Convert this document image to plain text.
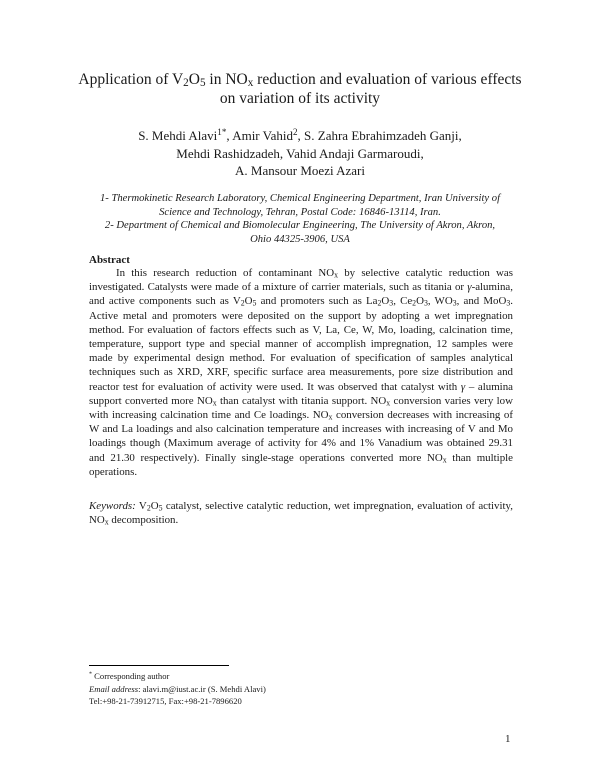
Application of $V_2O_5$ in $NO_x$ reduction and evaluation of various effects on variation of its activity
S. Mehdi Alavi$^{1*}$, Amir Vahid$^2$, S. Zahra Ebrahimzadeh Ganji,
Mehdi Rashidzadeh, Vahid Andaji Garmaroudi,
A. Mansour Moezi Azari
1- Thermokinetic Research Laboratory, Chemical Engineering Department, Iran University of Science and Technology, Tehran, Postal Code: 16846-13114, Iran.
2- Department of Chemical and Biomolecular Engineering, The University of Akron, Akron, Ohio 44325-3906, USA
Abstract

In this research reduction of contaminant $NO_x$ by selective catalytic reduction was investigated. Catalysts were made of a mixture of carrier materials, such as titania or γ-alumina, and active components such as $V_2O_5$ and promoters such as $La_2O_3$, $Ce_2O_3$, $WO_3$, and MoO$_3$. Active metal and promoters were deposited on the support by adopting a wet impregnation method. For evaluation of factors effects such as V, La, Ce, W, Mo, loading, calcination time, temperature, support type and special manner of accomplish impregnation, 12 samples were made by experimental design method. For evaluation of specification of samples analytical techniques such as XRD, XRF, specific surface area measurements, pore size distribution and reactor test for evaluation of activity were used. It was observed that catalyst with γ – alumina support converted more $NO_x$ than catalyst with titania support. $NO_x$ conversion varies very low with increasing calcination time and Ce loadings. $NO_x$ conversion decreases with increasing of W and La loadings and also calcination temperature and increases with increasing of V and Mo loadings though (Maximum average of activity for 4% and 1% Vanadium was obtained 29.31 and 21.30 respectively). Finally single-stage operations converted more $NO_x$ than multiple operations.

Keywords: $V_2O_5$ catalyst, selective catalytic reduction, wet impregnation, evaluation of activity, $NO_x$ decomposition.

* Corresponding author
Email address: alavi.m@iust.ac.ir (S. Mehdi Alavi)
Tel:+98-21-73912715, Fax:+98-21-7896620
1
